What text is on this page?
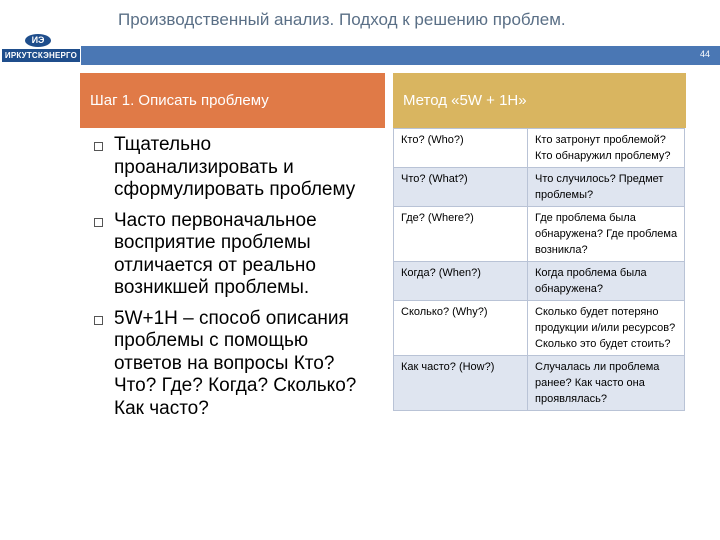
Производственный анализ. Подход к решению проблем.
ИЭ
ИРКУТСКЭНЕРГО	44
Шаг 1. Описать проблему	Метод «5W + 1H»
Тщательно проанализировать и сформулировать проблему
Часто первоначальное восприятие проблемы отличается от реально возникшей проблемы.
5W+1H – способ описания проблемы с помощью ответов на вопросы Кто? Что? Где? Когда? Сколько? Как часто?
Кто? (Who?)	Кто затронут проблемой? Кто обнаружил проблему?
Что? (What?)	Что случилось? Предмет проблемы?
Где? (Where?)	Где проблема была обнаружена? Где проблема возникла?
Когда? (When?)	Когда проблема была обнаружена?
Сколько? (Why?)	Сколько будет потеряно продукции и/или ресурсов? Сколько это будет стоить?
Как часто? (How?)	Случалась ли проблема ранее? Как часто она проявлялась?
